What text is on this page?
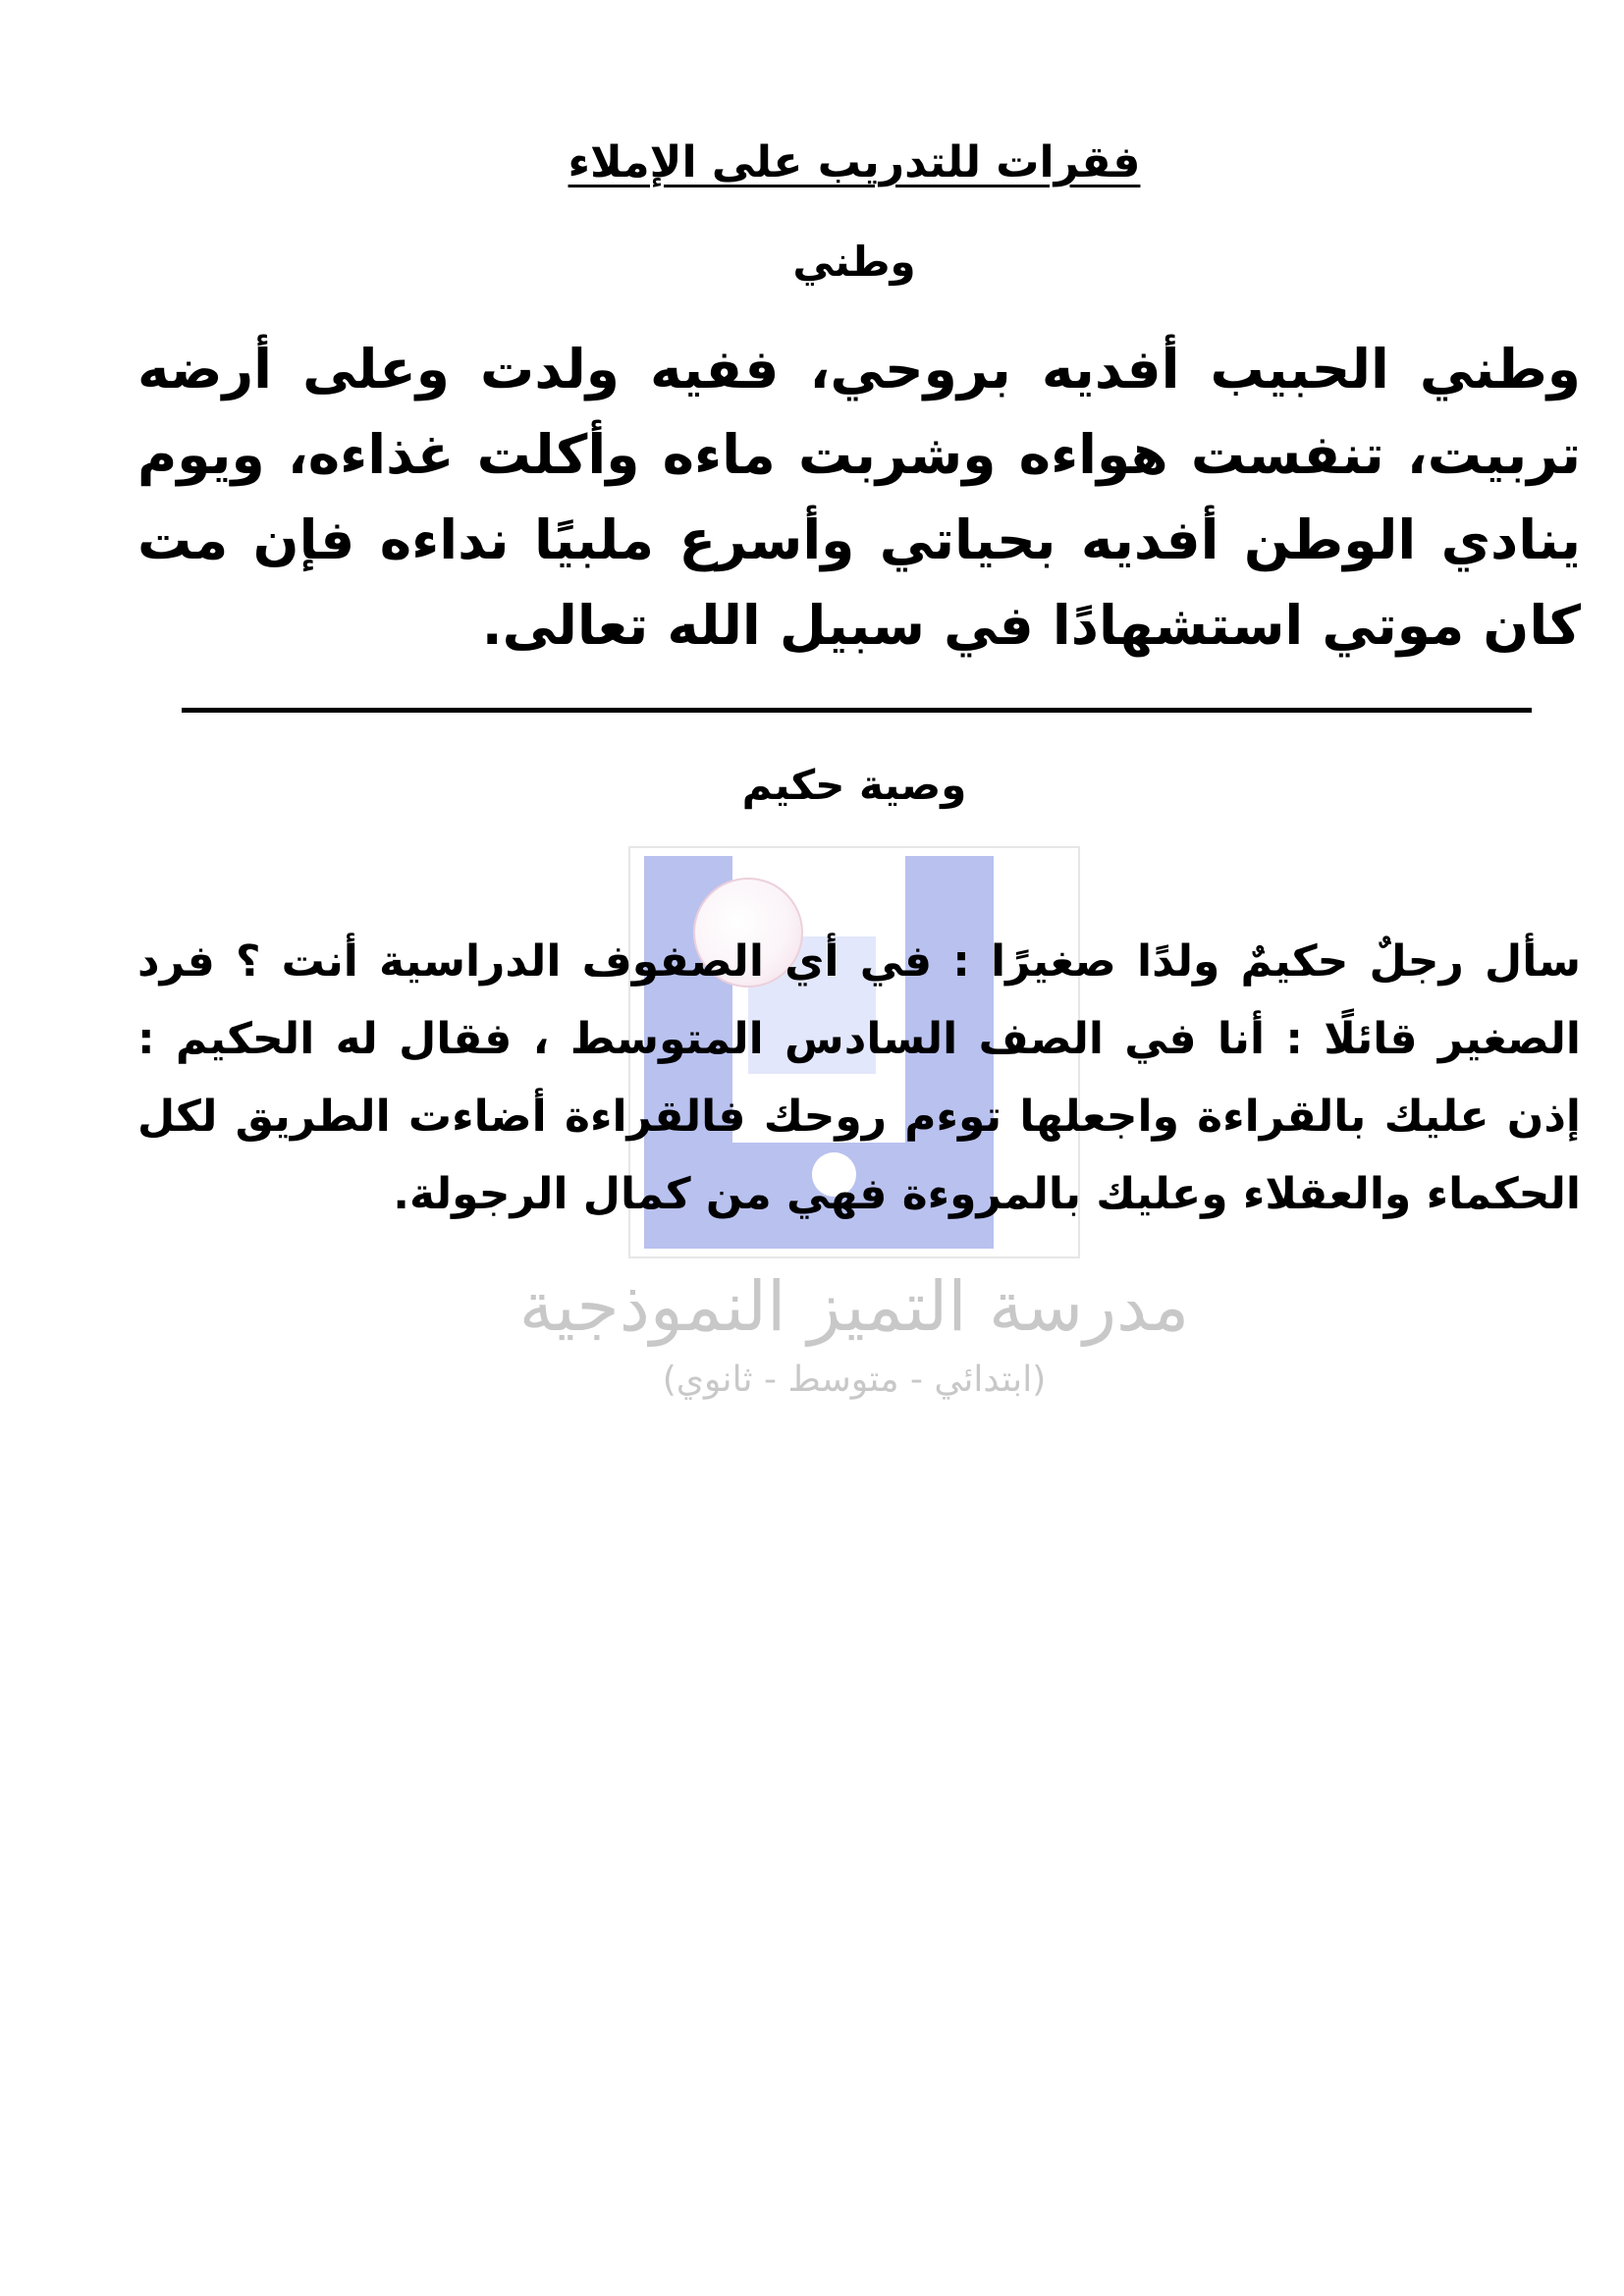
فقرات للتدريب على الإملاء
وطني
وطني الحبيب أفديه بروحي، ففيه ولدت وعلى أرضه تربيت، تنفست هواءه وشربت ماءه وأكلت غذاءه، ويوم ينادي الوطن أفديه بحياتي وأسرع ملبيًا نداءه فإن مت كان موتي استشهادًا في سبيل الله تعالى.
وصية حكيم
سأل رجلٌ حكيمٌ ولدًا صغيرًا : في أي الصفوف الدراسية أنت ؟ فرد الصغير قائلًا : أنا في الصف السادس المتوسط ، فقال له الحكيم : إذن عليك بالقراءة واجعلها توءم روحك فالقراءة أضاءت الطريق لكل الحكماء والعقلاء وعليك بالمروءة فهي من كمال الرجولة.
مدرسة التميز النموذجية
(ابتدائي - متوسط - ثانوي)
